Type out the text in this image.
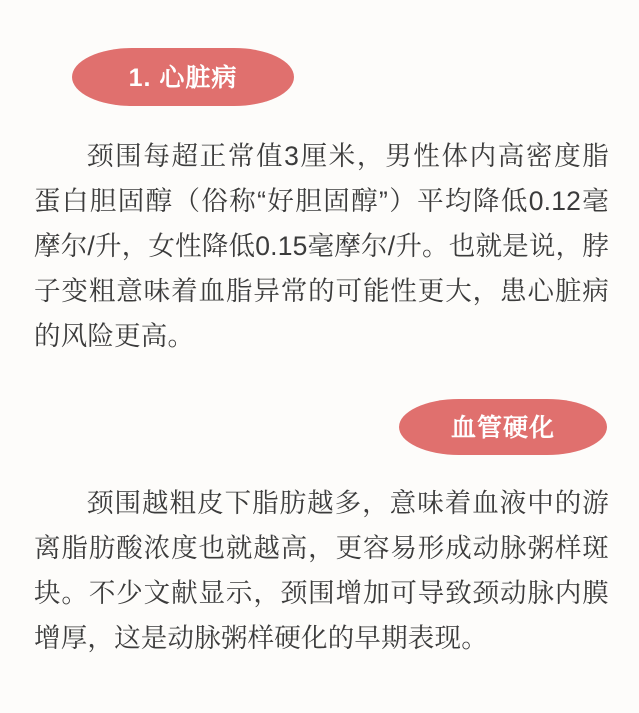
1. 心脏病

颈围每超正常值3厘米，男性体内高密度脂蛋白胆固醇（俗称“好胆固醇”）平均降低0.12毫摩尔/升，女性降低0.15毫摩尔/升。也就是说，脖子变粗意味着血脂异常的可能性更大，患心脏病的风险更高。

血管硬化

颈围越粗皮下脂肪越多，意味着血液中的游离脂肪酸浓度也就越高，更容易形成动脉粥样斑块。不少文献显示，颈围增加可导致颈动脉内膜增厚，这是动脉粥样硬化的早期表现。
